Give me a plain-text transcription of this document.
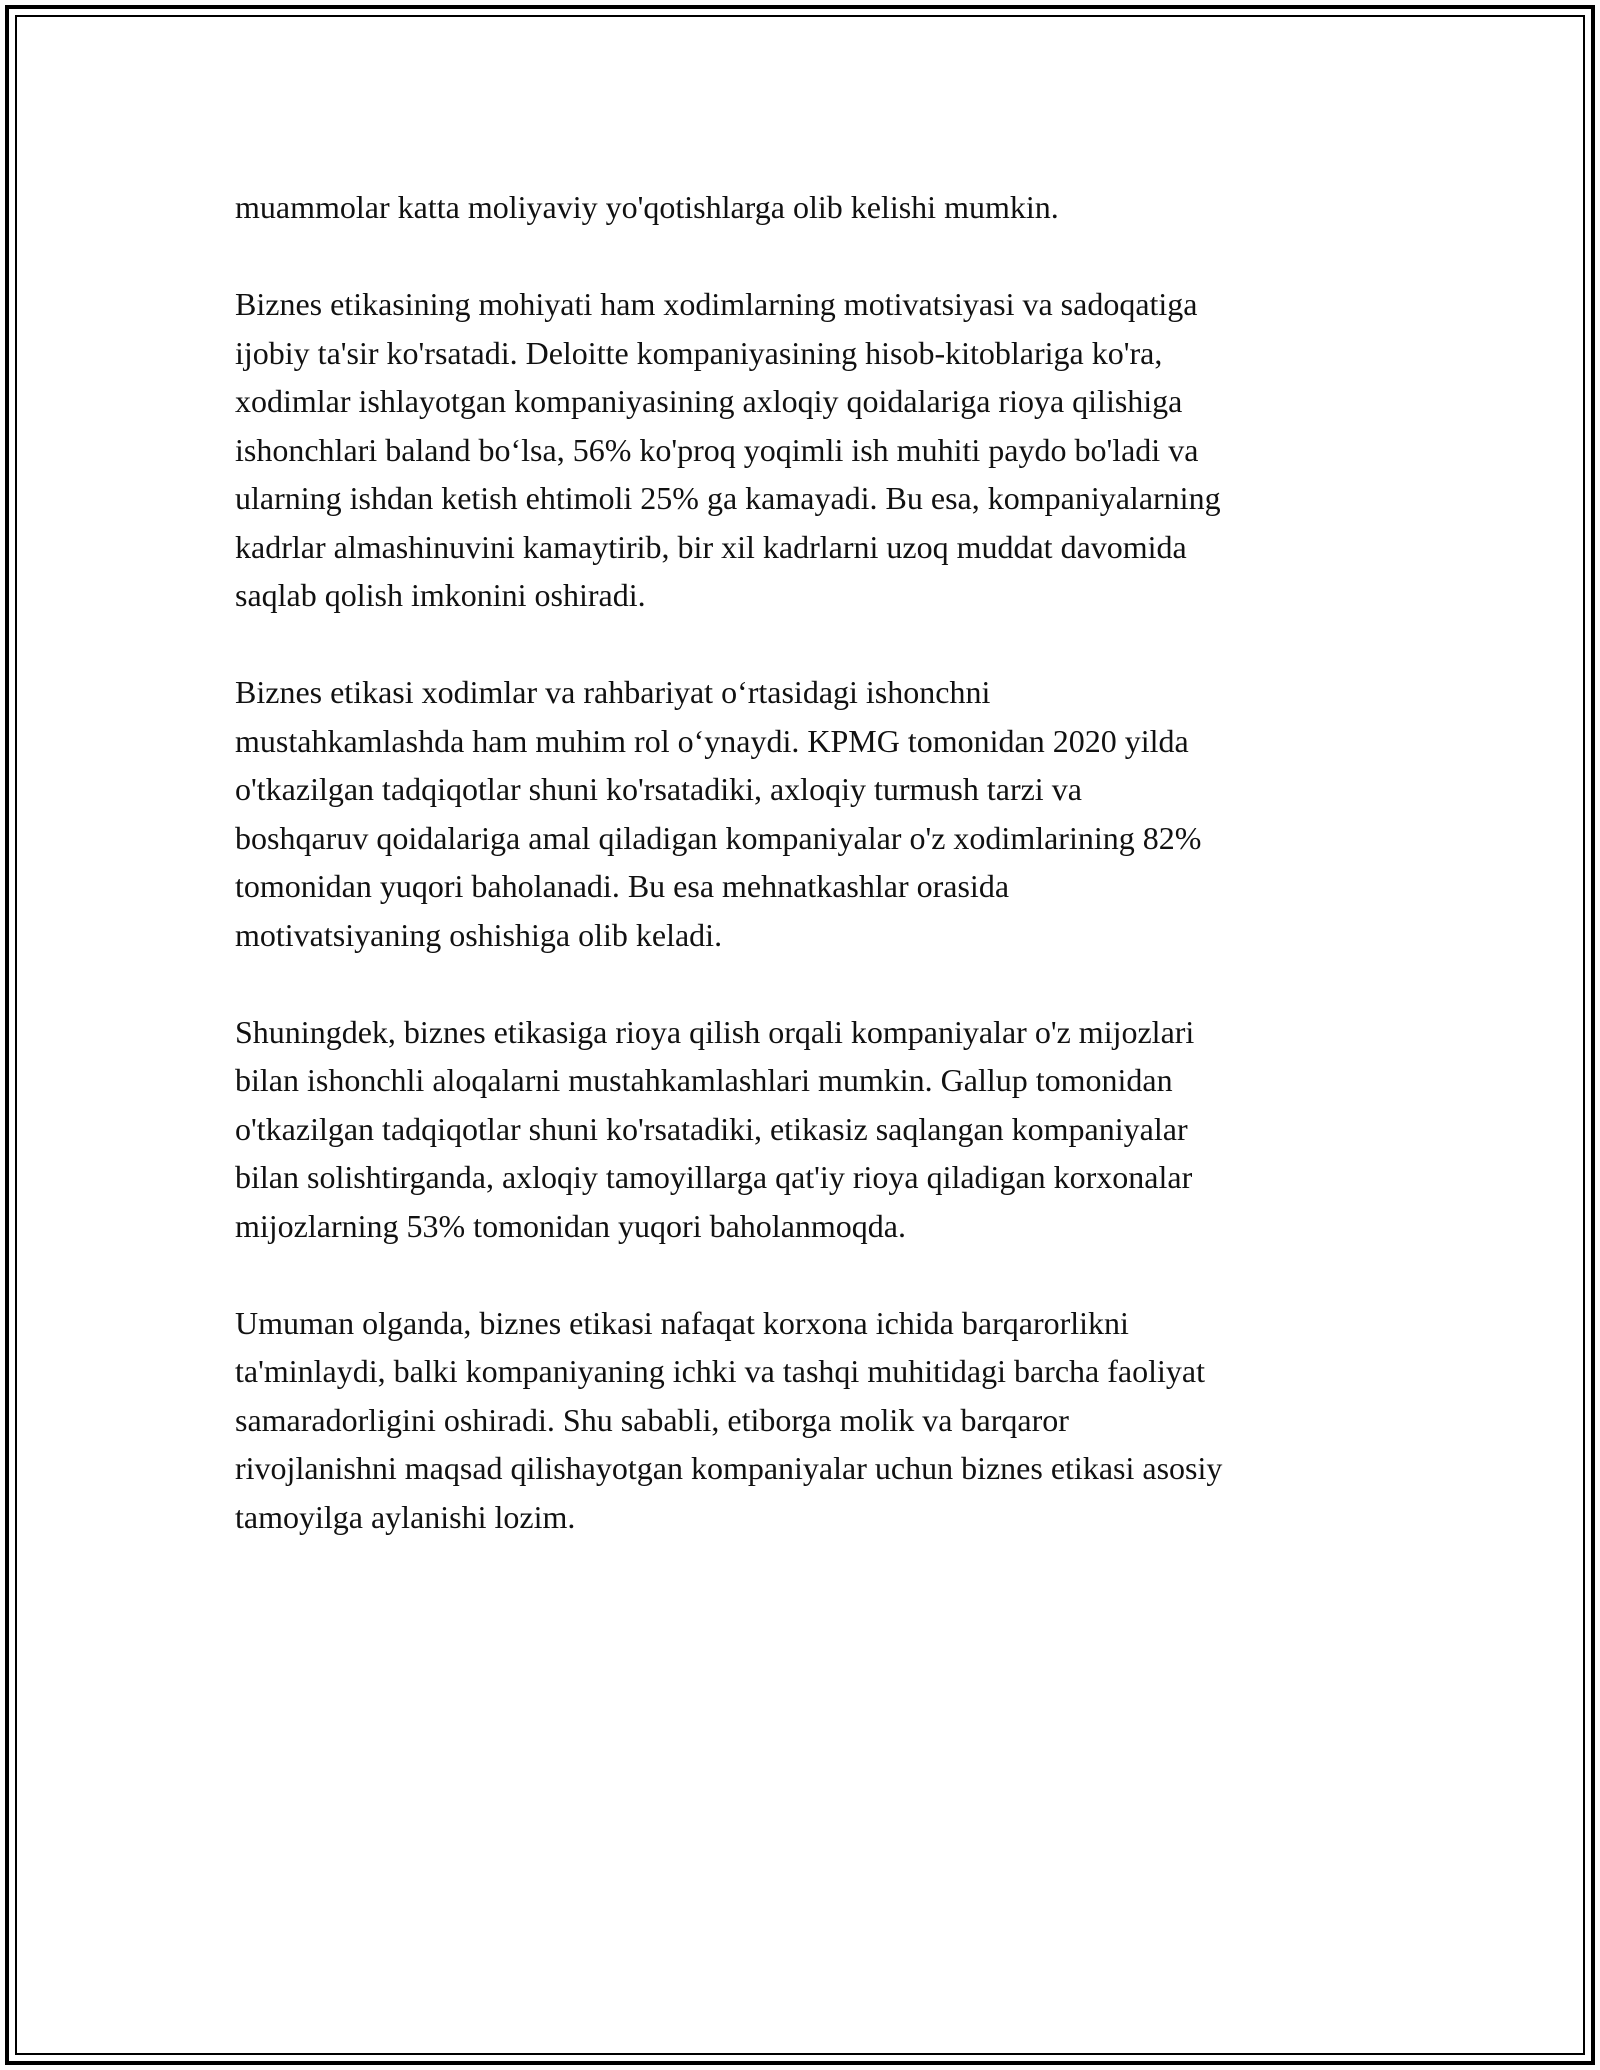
muammolar katta moliyaviy yo'qotishlarga olib kelishi mumkin.

Biznes etikasining mohiyati ham xodimlarning motivatsiyasi va sadoqatiga
ijobiy ta'sir ko'rsatadi. Deloitte kompaniyasining hisob-kitoblariga ko'ra,
xodimlar ishlayotgan kompaniyasining axloqiy qoidalariga rioya qilishiga
ishonchlari baland bo‘lsa, 56% ko'proq yoqimli ish muhiti paydo bo'ladi va
ularning ishdan ketish ehtimoli 25% ga kamayadi. Bu esa, kompaniyalarning
kadrlar almashinuvini kamaytirib, bir xil kadrlarni uzoq muddat davomida
saqlab qolish imkonini oshiradi.

Biznes etikasi xodimlar va rahbariyat o‘rtasidagi ishonchni
mustahkamlashda ham muhim rol o‘ynaydi. KPMG tomonidan 2020 yilda
o'tkazilgan tadqiqotlar shuni ko'rsatadiki, axloqiy turmush tarzi va
boshqaruv qoidalariga amal qiladigan kompaniyalar o'z xodimlarining 82%
tomonidan yuqori baholanadi. Bu esa mehnatkashlar orasida
motivatsiyaning oshishiga olib keladi.

Shuningdek, biznes etikasiga rioya qilish orqali kompaniyalar o'z mijozlari
bilan ishonchli aloqalarni mustahkamlashlari mumkin. Gallup tomonidan
o'tkazilgan tadqiqotlar shuni ko'rsatadiki, etikasiz saqlangan kompaniyalar
bilan solishtirganda, axloqiy tamoyillarga qat'iy rioya qiladigan korxonalar
mijozlarning 53% tomonidan yuqori baholanmoqda.

Umuman olganda, biznes etikasi nafaqat korxona ichida barqarorlikni
ta'minlaydi, balki kompaniyaning ichki va tashqi muhitidagi barcha faoliyat
samaradorligini oshiradi. Shu sababli, etiborga molik va barqaror
rivojlanishni maqsad qilishayotgan kompaniyalar uchun biznes etikasi asosiy
tamoyilga aylanishi lozim.
